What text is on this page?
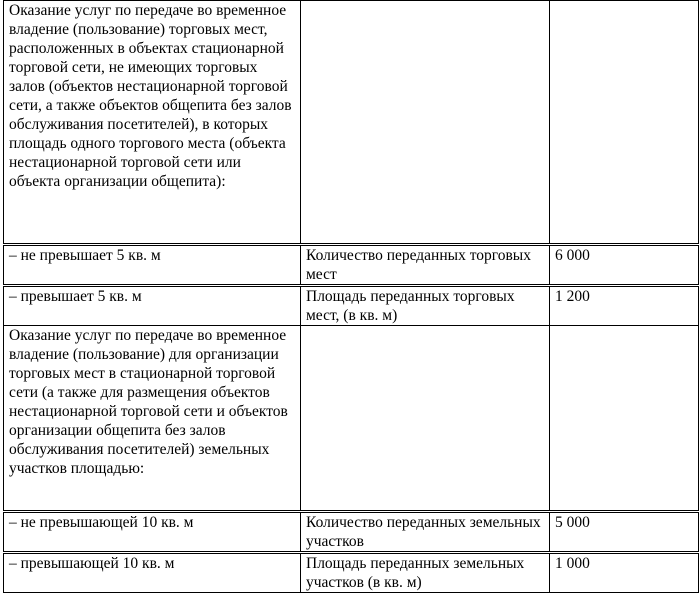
Оказание услуг по передаче во временное владение (пользование) торговых мест, расположенных в объектах стационарной торговой сети, не имеющих торговых залов (объектов нестационарной торговой сети, а также объектов общепита без залов обслуживания посетителей), в которых площадь одного торгового места (объекта нестационарной торговой сети или объекта организации общепита):		

– не превышает 5 кв. м	Количество переданных торговых мест	6 000

– превышает 5 кв. м	Площадь переданных торговых мест, (в кв. м)	1 200

Оказание услуг по передаче во временное владение (пользование) для организации торговых мест в стационарной торговой сети (а также для размещения объектов нестационарной торговой сети и объектов организации общепита без залов обслуживания посетителей) земельных участков площадью:		

– не превышающей 10 кв. м	Количество переданных земельных участков	5 000

– превышающей 10 кв. м	Площадь переданных земельных участков (в кв. м)	1 000
